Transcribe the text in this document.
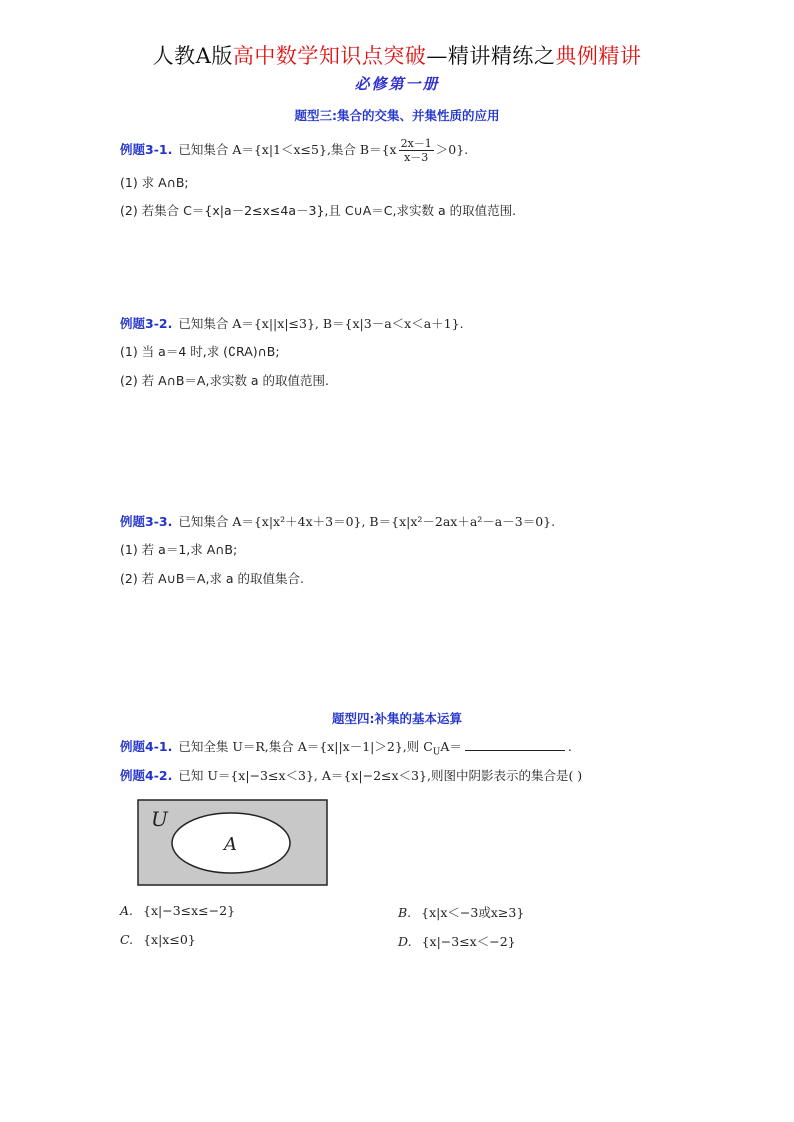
人教A版高中数学知识点突破—精讲精练之典例精讲
必修第一册
题型三:集合的交集、并集性质的应用
例题3-1. 已知集合 A＝{x|1＜x≤5},集合 $B=\{x \frac{2x-1}{x-3} >0\}$.
(1) 求 A∩B;
(2) 若集合 C＝{x|a－2≤x≤4a－3},且 C∪A＝C,求实数 a 的取值范围.
例题3-2. 已知集合 A＝{x||x|≤3}, B＝{x|3－a＜x＜a＋1}.
(1) 当 a＝4 时,求 (∁RA)∩B;
(2) 若 A∩B＝A,求实数 a 的取值范围.
例题3-3. 已知集合 A＝{x|x²＋4x＋3＝0}, B＝{x|x²－2ax＋a²－a－3＝0}.
(1) 若 a＝1,求 A∩B;
(2) 若 A∪B＝A,求 a 的取值集合.
题型四:补集的基本运算
例题4-1. 已知全集 U＝R,集合 A＝{x||x－1|＞2},则 $C_UA=$	.
例题4-2. 已知 U＝{x|−3≤x＜3}, A＝{x|−2≤x＜3},则图中阴影表示的集合是( )
U
A
A. {x|−3≤x≤−2}	B. {x|x＜−3或x≥3}
C. {x|x≤0}	D. {x|−3≤x＜−2}
